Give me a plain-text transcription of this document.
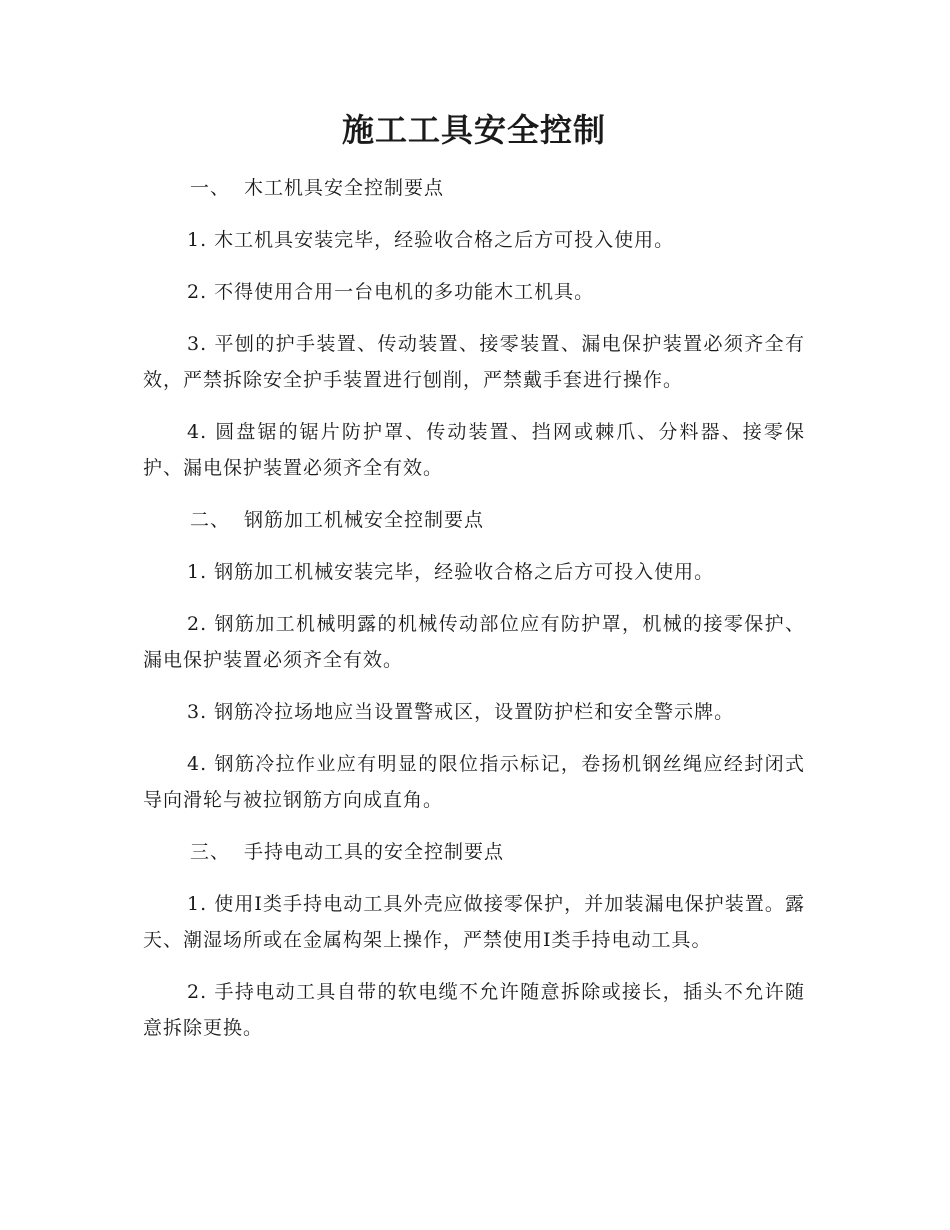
施工工具安全控制
一、 木工机具安全控制要点

1. 木工机具安装完毕，经验收合格之后方可投入使用。

2. 不得使用合用一台电机的多功能木工机具。

3. 平刨的护手装置、传动装置、接零装置、漏电保护装置必须齐全有效，严禁拆除安全护手装置进行刨削，严禁戴手套进行操作。

4. 圆盘锯的锯片防护罩、传动装置、挡网或棘爪、分料器、接零保护、漏电保护装置必须齐全有效。

二、 钢筋加工机械安全控制要点

1. 钢筋加工机械安装完毕，经验收合格之后方可投入使用。

2. 钢筋加工机械明露的机械传动部位应有防护罩，机械的接零保护、漏电保护装置必须齐全有效。

3. 钢筋冷拉场地应当设置警戒区，设置防护栏和安全警示牌。

4. 钢筋冷拉作业应有明显的限位指示标记，卷扬机钢丝绳应经封闭式导向滑轮与被拉钢筋方向成直角。

三、 手持电动工具的安全控制要点

1. 使用Ⅰ类手持电动工具外壳应做接零保护，并加装漏电保护装置。露天、潮湿场所或在金属构架上操作，严禁使用Ⅰ类手持电动工具。

2. 手持电动工具自带的软电缆不允许随意拆除或接长，插头不允许随意拆除更换。
